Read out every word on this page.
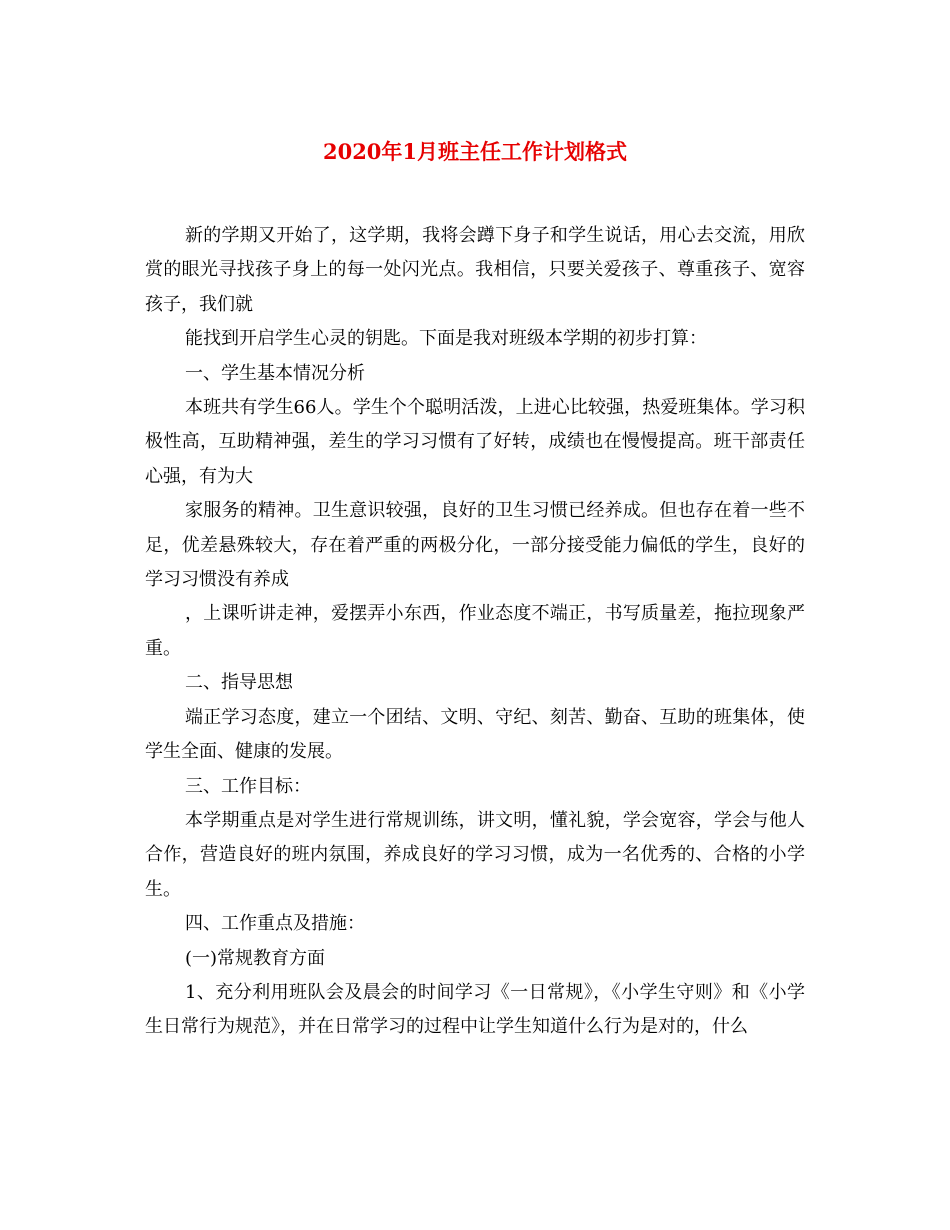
2020年1月班主任工作计划格式

新的学期又开始了，这学期，我将会蹲下身子和学生说话，用心去交流，用欣赏的眼光寻找孩子身上的每一处闪光点。我相信，只要关爱孩子、尊重孩子、宽容孩子，我们就

能找到开启学生心灵的钥匙。下面是我对班级本学期的初步打算：

一、学生基本情况分析

本班共有学生66人。学生个个聪明活泼，上进心比较强，热爱班集体。学习积极性高，互助精神强，差生的学习习惯有了好转，成绩也在慢慢提高。班干部责任心强，有为大

家服务的精神。卫生意识较强，良好的卫生习惯已经养成。但也存在着一些不足，优差悬殊较大，存在着严重的两极分化，一部分接受能力偏低的学生，良好的学习习惯没有养成

，上课听讲走神，爱摆弄小东西，作业态度不端正，书写质量差，拖拉现象严重。

二、指导思想

端正学习态度，建立一个团结、文明、守纪、刻苦、勤奋、互助的班集体，使学生全面、健康的发展。

三、工作目标：

本学期重点是对学生进行常规训练，讲文明，懂礼貌，学会宽容，学会与他人合作，营造良好的班内氛围，养成良好的学习习惯，成为一名优秀的、合格的小学生。

四、工作重点及措施：

(一)常规教育方面

1、充分利用班队会及晨会的时间学习《一日常规》，《小学生守则》和《小学生日常行为规范》，并在日常学习的过程中让学生知道什么行为是对的，什么
